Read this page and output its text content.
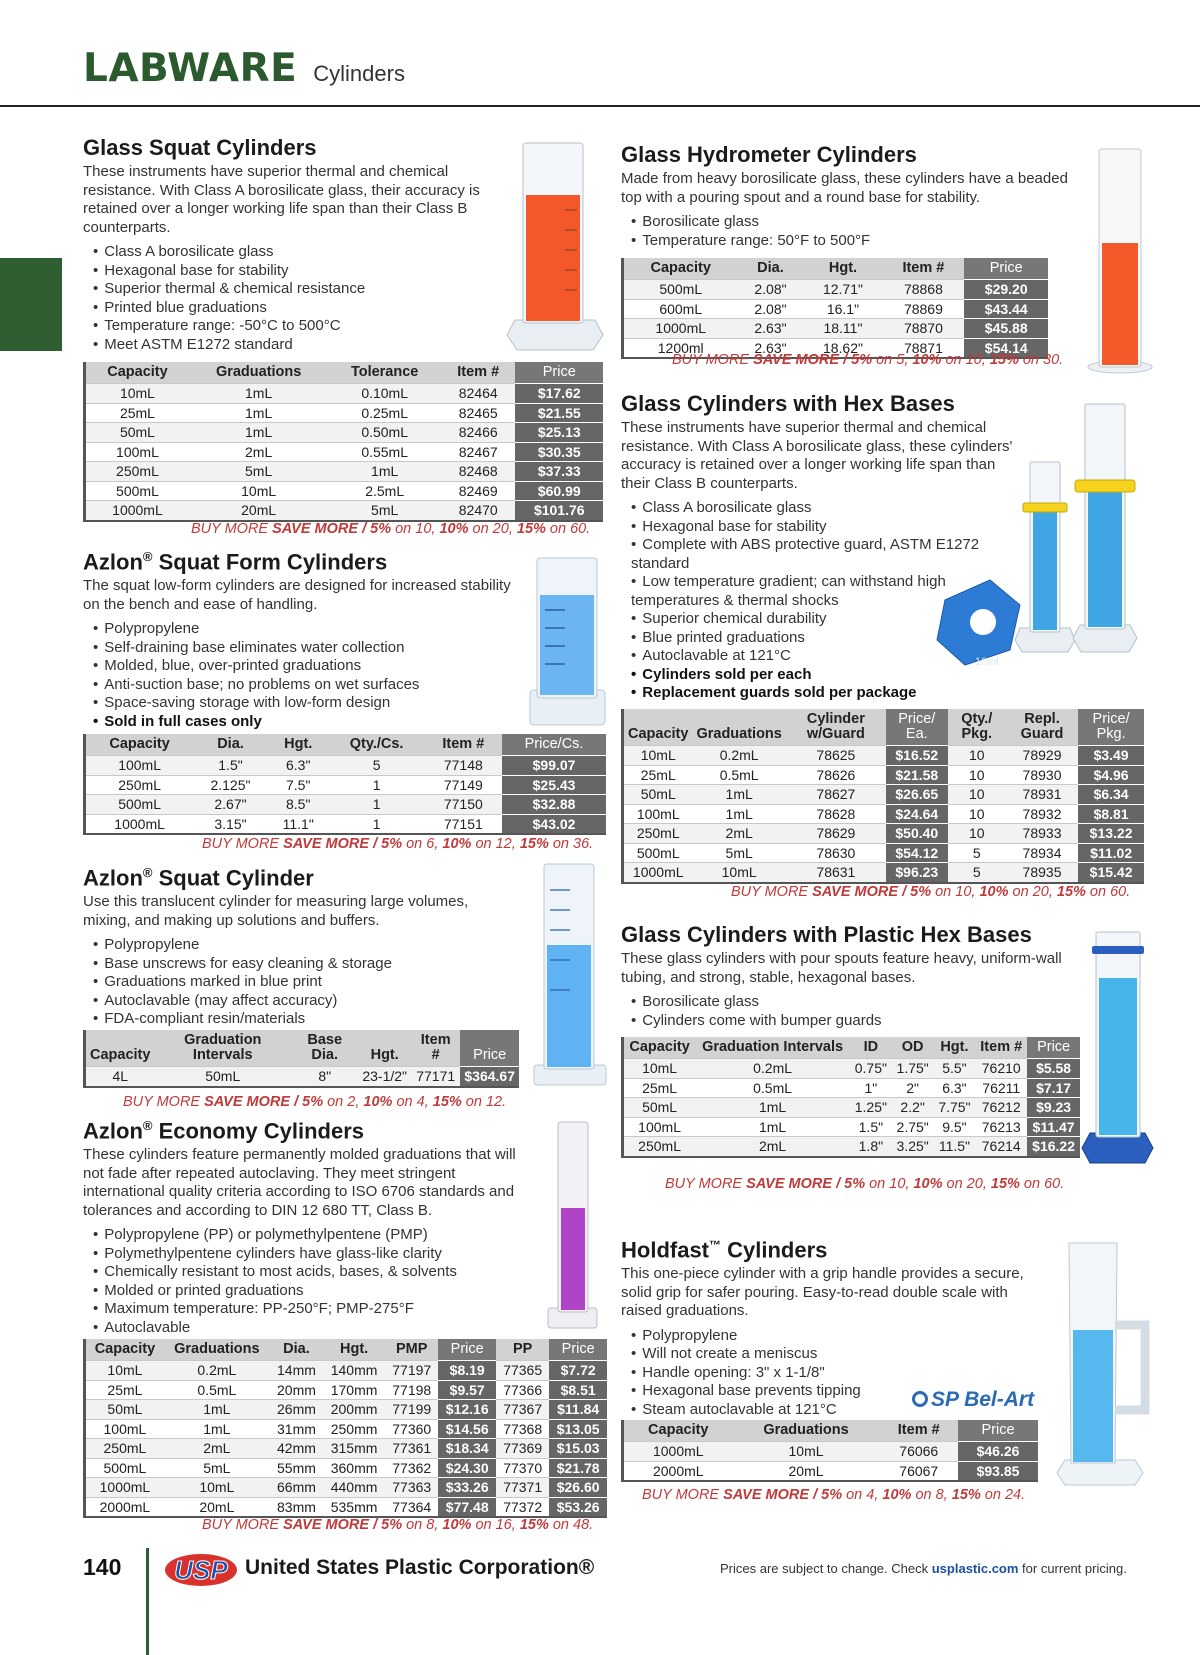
LABWARE Cylinders
Glass Squat Cylinders

These instruments have superior thermal and chemical resistance. With Class A borosilicate glass, their accuracy is retained over a longer working life span than their Class B counterparts.

• Class A borosilicate glass
• Hexagonal base for stability
• Superior thermal & chemical resistance
• Printed blue graduations
• Temperature range: -50°C to 500°C
• Meet ASTM E1272 standard
Capacity	Graduations	Tolerance	Item #	Price
10mL	1mL	0.10mL	82464	$17.62
25mL	1mL	0.25mL	82465	$21.55
50mL	1mL	0.50mL	82466	$25.13
100mL	2mL	0.55mL	82467	$30.35
250mL	5mL	1mL	82468	$37.33
500mL	10mL	2.5mL	82469	$60.99
1000mL	20mL	5mL	82470	$101.76
BUY MORE SAVE MORE / 5% on 10, 10% on 20, 15% on 60.
Azlon® Squat Form Cylinders

The squat low-form cylinders are designed for increased stability on the bench and ease of handling.

• Polypropylene
• Self-draining base eliminates water collection
• Molded, blue, over-printed graduations
• Anti-suction base; no problems on wet surfaces
• Space-saving storage with low-form design
• Sold in full cases only
Capacity	Dia.	Hgt.	Qty./Cs.	Item #	Price/Cs.
100mL	1.5"	6.3"	5	77148	$99.07
250mL	2.125"	7.5"	1	77149	$25.43
500mL	2.67"	8.5"	1	77150	$32.88
1000mL	3.15"	11.1"	1	77151	$43.02
BUY MORE SAVE MORE / 5% on 6, 10% on 12, 15% on 36.
Azlon® Squat Cylinder

Use this translucent cylinder for measuring large volumes, mixing, and making up solutions and buffers.

• Polypropylene
• Base unscrews for easy cleaning & storage
• Graduations marked in blue print
• Autoclavable (may affect accuracy)
• FDA-compliant resin/materials
Capacity	Graduation Intervals	Base Dia.	Hgt.	Item #	Price
4L	50mL	8"	23-1/2"	77171	$364.67
BUY MORE SAVE MORE / 5% on 2, 10% on 4, 15% on 12.
Azlon® Economy Cylinders

These cylinders feature permanently molded graduations that will not fade after repeated autoclaving. They meet stringent international quality criteria according to ISO 6706 standards and tolerances and according to DIN 12 680 TT, Class B.

• Polypropylene (PP) or polymethylpentene (PMP)
• Polymethylpentene cylinders have glass-like clarity
• Chemically resistant to most acids, bases, & solvents
• Molded or printed graduations
• Maximum temperature: PP-250°F; PMP-275°F
• Autoclavable
Capacity	Graduations	Dia.	Hgt.	PMP	Price	PP	Price
10mL	0.2mL	14mm	140mm	77197	$8.19	77365	$7.72
25mL	0.5mL	20mm	170mm	77198	$9.57	77366	$8.51
50mL	1mL	26mm	200mm	77199	$12.16	77367	$11.84
100mL	1mL	31mm	250mm	77360	$14.56	77368	$13.05
250mL	2mL	42mm	315mm	77361	$18.34	77369	$15.03
500mL	5mL	55mm	360mm	77362	$24.30	77370	$21.78
1000mL	10mL	66mm	440mm	77363	$33.26	77371	$26.60
2000mL	20mL	83mm	535mm	77364	$77.48	77372	$53.26
BUY MORE SAVE MORE / 5% on 8, 10% on 16, 15% on 48.
Glass Hydrometer Cylinders

Made from heavy borosilicate glass, these cylinders have a beaded top with a pouring spout and a round base for stability.

• Borosilicate glass
• Temperature range: 50°F to 500°F
Capacity	Dia.	Hgt.	Item #	Price
500mL	2.08"	12.71"	78868	$29.20
600mL	2.08"	16.1"	78869	$43.44
1000mL	2.63"	18.11"	78870	$45.88
1200ml	2.63"	18.62"	78871	$54.14
BUY MORE SAVE MORE / 5% on 5, 10% on 10, 15% on 30.
Glass Cylinders with Hex Bases

These instruments have superior thermal and chemical resistance. With Class A borosilicate glass, these cylinders' accuracy is retained over a longer working life span than their Class B counterparts.

• Class A borosilicate glass
• Hexagonal base for stability
• Complete with ABS protective guard, ASTM E1272 standard
• Low temperature gradient; can withstand high temperatures & thermal shocks
• Superior chemical durability
• Blue printed graduations
• Autoclavable at 121°C
• Cylinders sold per each
• Replacement guards sold per package
10ml
Capacity	Graduations	Cylinder w/Guard	Price/ Ea.	Qty./ Pkg.	Repl. Guard	Price/ Pkg.
10mL	0.2mL	78625	$16.52	10	78929	$3.49
25mL	0.5mL	78626	$21.58	10	78930	$4.96
50mL	1mL	78627	$26.65	10	78931	$6.34
100mL	1mL	78628	$24.64	10	78932	$8.81
250mL	2mL	78629	$50.40	10	78933	$13.22
500mL	5mL	78630	$54.12	5	78934	$11.02
1000mL	10mL	78631	$96.23	5	78935	$15.42
BUY MORE SAVE MORE / 5% on 10, 10% on 20, 15% on 60.
Glass Cylinders with Plastic Hex Bases

These glass cylinders with pour spouts feature heavy, uniform-wall tubing, and strong, stable, hexagonal bases.

• Borosilicate glass
• Cylinders come with bumper guards
Capacity	Graduation Intervals	ID	OD	Hgt.	Item #	Price
10mL	0.2mL	0.75"	1.75"	5.5"	76210	$5.58
25mL	0.5mL	1"	2"	6.3"	76211	$7.17
50mL	1mL	1.25"	2.2"	7.75"	76212	$9.23
100mL	1mL	1.5"	2.75"	9.5"	76213	$11.47
250mL	2mL	1.8"	3.25"	11.5"	76214	$16.22
BUY MORE SAVE MORE / 5% on 10, 10% on 20, 15% on 60.
Holdfast™ Cylinders

This one-piece cylinder with a grip handle provides a secure, solid grip for safer pouring. Easy-to-read double scale with raised graduations.

• Polypropylene
• Will not create a meniscus
• Handle opening: 3" x 1-1/8"
• Hexagonal base prevents tipping
• Steam autoclavable at 121°C	SP Bel-Art
Capacity	Graduations	Item #	Price
1000mL	10mL	76066	$46.26
2000mL	20mL	76067	$93.85
BUY MORE SAVE MORE / 5% on 4, 10% on 8, 15% on 24.
140 USP United States Plastic Corporation®	Prices are subject to change. Check usplastic.com for current pricing.
